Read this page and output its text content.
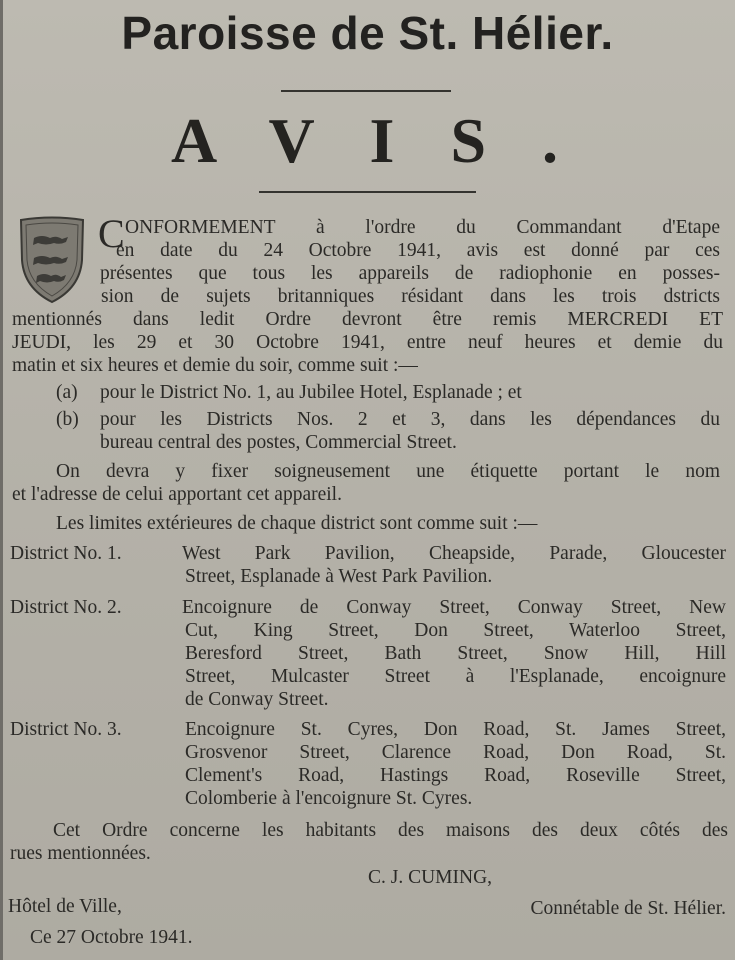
Paroisse de St. Hélier.
A V I S .
C ONFORMEMENT à l'ordre du Commandant d'Etape
en date du 24 Octobre 1941, avis est donné par ces
présentes que tous les appareils de radiophonie en posses-
sion de sujets britanniques résidant dans les trois dstricts
mentionnés dans ledit Ordre devront être remis MERCREDI ET
JEUDI, les 29 et 30 Octobre 1941, entre neuf heures et demie du
matin et six heures et demie du soir, comme suit :—
(a) pour le District No. 1, au Jubilee Hotel, Esplanade ; et
(b) pour les Districts Nos. 2 et 3, dans les dépendances du
bureau central des postes, Commercial Street.
On devra y fixer soigneusement une étiquette portant le nom
et l'adresse de celui apportant cet appareil.
Les limites extérieures de chaque district sont comme suit :—
District No. 1.	West Park Pavilion, Cheapside, Parade, Gloucester
Street, Esplanade à West Park Pavilion.
District No. 2.	Encoignure de Conway Street, Conway Street, New
Cut, King Street, Don Street, Waterloo Street,
Beresford Street, Bath Street, Snow Hill, Hill
Street, Mulcaster Street à l'Esplanade, encoignure
de Conway Street.
District No. 3.	Encoignure St. Cyres, Don Road, St. James Street,
Grosvenor Street, Clarence Road, Don Road, St.
Clement's Road, Hastings Road, Roseville Street,
Colomberie à l'encoignure St. Cyres.
Cet Ordre concerne les habitants des maisons des deux côtés des
rues mentionnées.
C. J. CUMING,
Hôtel de Ville,	Connétable de St. Hélier.
Ce 27 Octobre 1941.
